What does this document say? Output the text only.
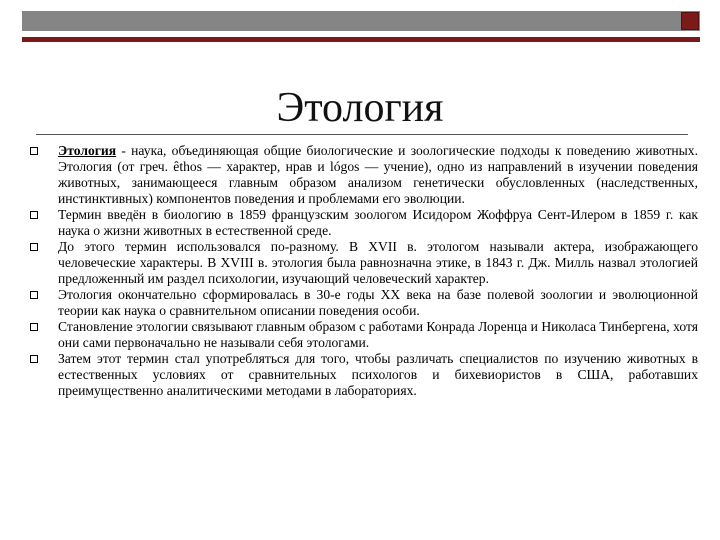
Этология
Этология - наука, объединяющая общие биологические и зоологические подходы к поведению животных. Этология (от греч. êthos — характер, нрав и lógos — учение), одно из направлений в изучении поведения животных, занимающееся главным образом анализом генетически обусловленных (наследственных, инстинктивных) компонентов поведения и проблемами его эволюции.
Термин введён в биологию в 1859 французским зоологом Исидором Жоффруа Сент-Илером в 1859 г. как наука о жизни животных в естественной среде.
До этого термин использовался по-разному. В XVII в. этологом называли актера, изображающего человеческие характеры. В XVIII в. этология была равнозначна этике, в 1843 г. Дж. Милль назвал этологией предложенный им раздел психологии, изучающий человеческий характер.
Этология окончательно сформировалась в 30-е годы XX века на базе полевой зоологии и эволюционной теории как наука о сравнительном описании поведения особи.
Становление этологии связывают главным образом с работами Конрада Лоренца и Николаса Тинбергена, хотя они сами первоначально не называли себя этологами.
Затем этот термин стал употребляться для того, чтобы различать специалистов по изучению животных в естественных условиях от сравнительных психологов и бихевиористов в США, работавших преимущественно аналитическими методами в лабораториях.
